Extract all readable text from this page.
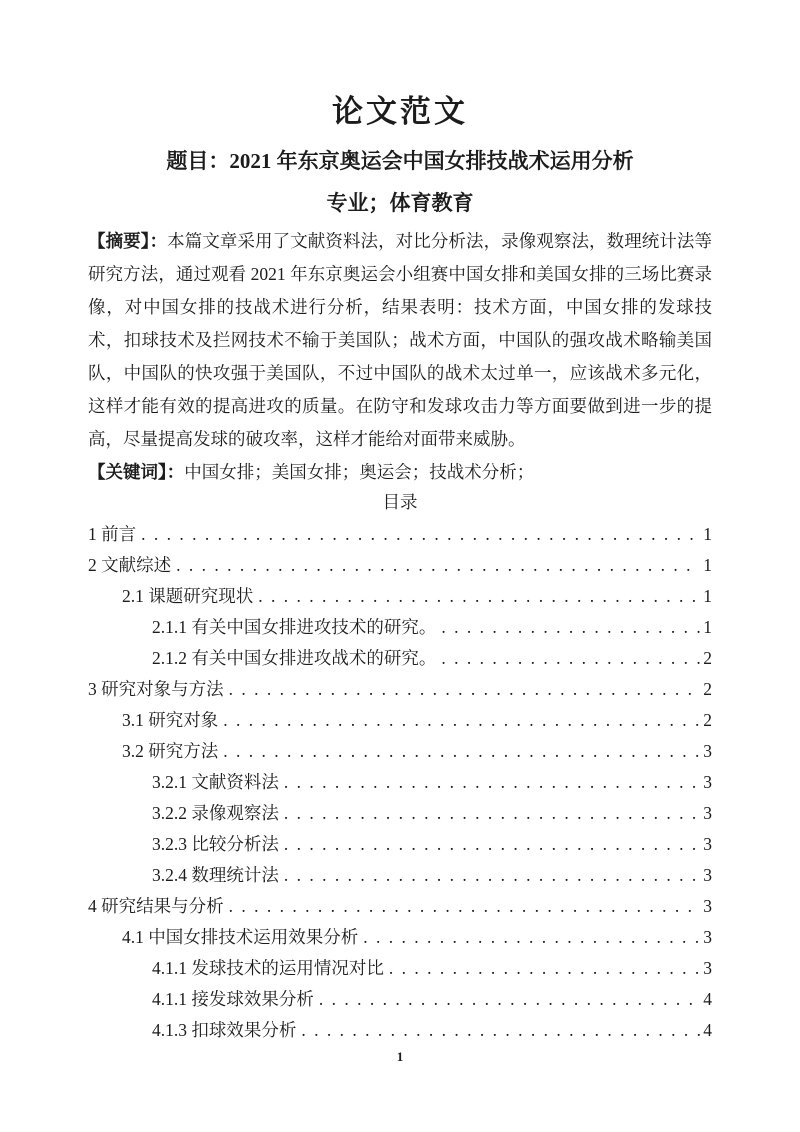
论文范文
题目：2021 年东京奥运会中国女排技战术运用分析
专业；体育教育

【摘要】：本篇文章采用了文献资料法，对比分析法，录像观察法，数理统计法等研究方法，通过观看 2021 年东京奥运会小组赛中国女排和美国女排的三场比赛录像，对中国女排的技战术进行分析，结果表明：技术方面，中国女排的发球技术，扣球技术及拦网技术不输于美国队；战术方面，中国队的强攻战术略输美国队，中国队的快攻强于美国队，不过中国队的战术太过单一，应该战术多元化，这样才能有效的提高进攻的质量。在防守和发球攻击力等方面要做到进一步的提高，尽量提高发球的破攻率，这样才能给对面带来威胁。

【关键词】：中国女排；美国女排；奥运会；技战术分析；

目录
1 前言 . . .	1
2 文献综述 . . .	1
2.1 课题研究现状 . . .	1
2.1.1 有关中国女排进攻技术的研究。 . . .	1
2.1.2 有关中国女排进攻战术的研究。 . . .	2
3 研究对象与方法 . . .	2
3.1 研究对象 . . .	2
3.2 研究方法 . . .	3
3.2.1 文献资料法 . . .	3
3.2.2 录像观察法 . . .	3
3.2.3 比较分析法 . . .	3
3.2.4 数理统计法 . . .	3
4 研究结果与分析 . . .	3
4.1 中国女排技术运用效果分析 . . .	3
4.1.1 发球技术的运用情况对比 . . .	3
4.1.1 接发球效果分析 . . .	4
4.1.3 扣球效果分析 . . .	4
1
